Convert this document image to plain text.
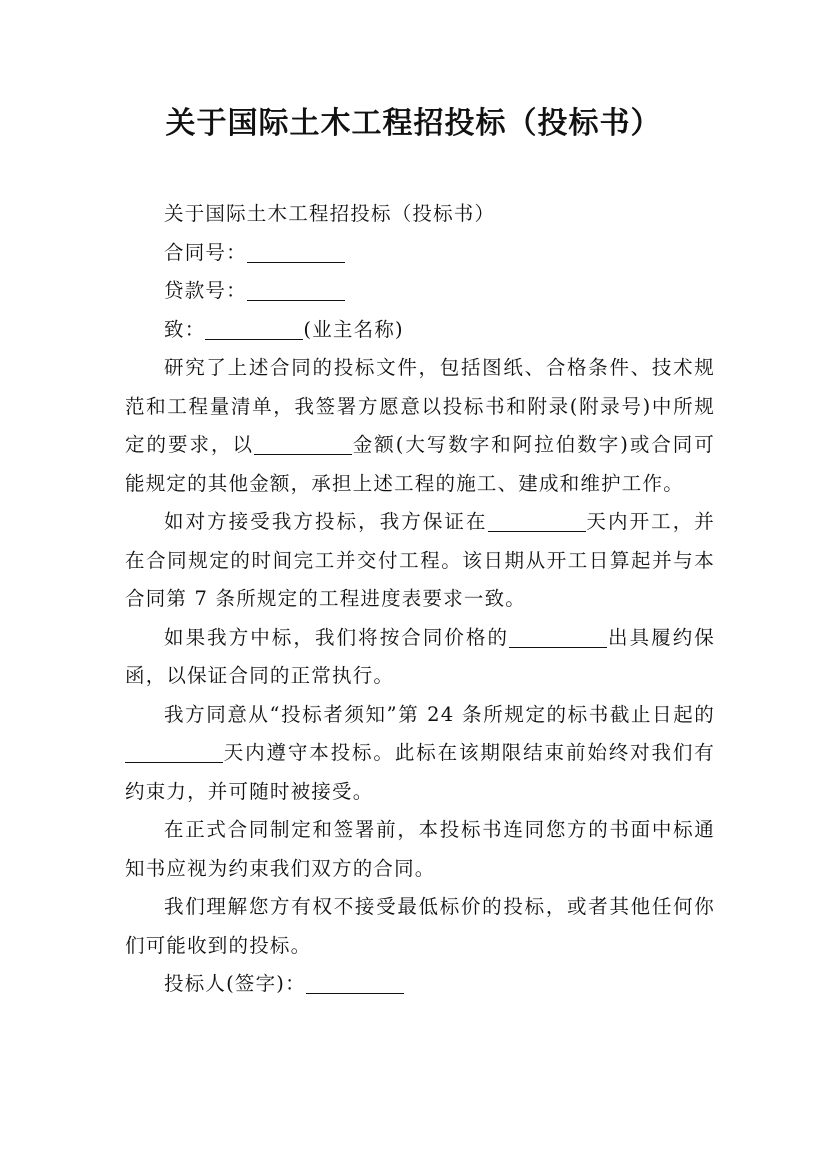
关于国际土木工程招投标（投标书）

关于国际土木工程招投标（投标书）

合同号：

贷款号：

致：	(业主名称)

研究了上述合同的投标文件，包括图纸、合格条件、技术规范和工程量清单，我签署方愿意以投标书和附录(附录号)中所规定的要求，以	金额(大写数字和阿拉伯数字)或合同可能规定的其他金额，承担上述工程的施工、建成和维护工作。

如对方接受我方投标，我方保证在	天内开工，并在合同规定的时间完工并交付工程。该日期从开工日算起并与本合同第 7 条所规定的工程进度表要求一致。

如果我方中标，我们将按合同价格的	出具履约保函，以保证合同的正常执行。

我方同意从“投标者须知”第 24 条所规定的标书截止日起的天内遵守本投标。此标在该期限结束前始终对我们有约束力，并可随时被接受。

在正式合同制定和签署前，本投标书连同您方的书面中标通知书应视为约束我们双方的合同。

我们理解您方有权不接受最低标价的投标，或者其他任何你们可能收到的投标。

投标人(签字)：
